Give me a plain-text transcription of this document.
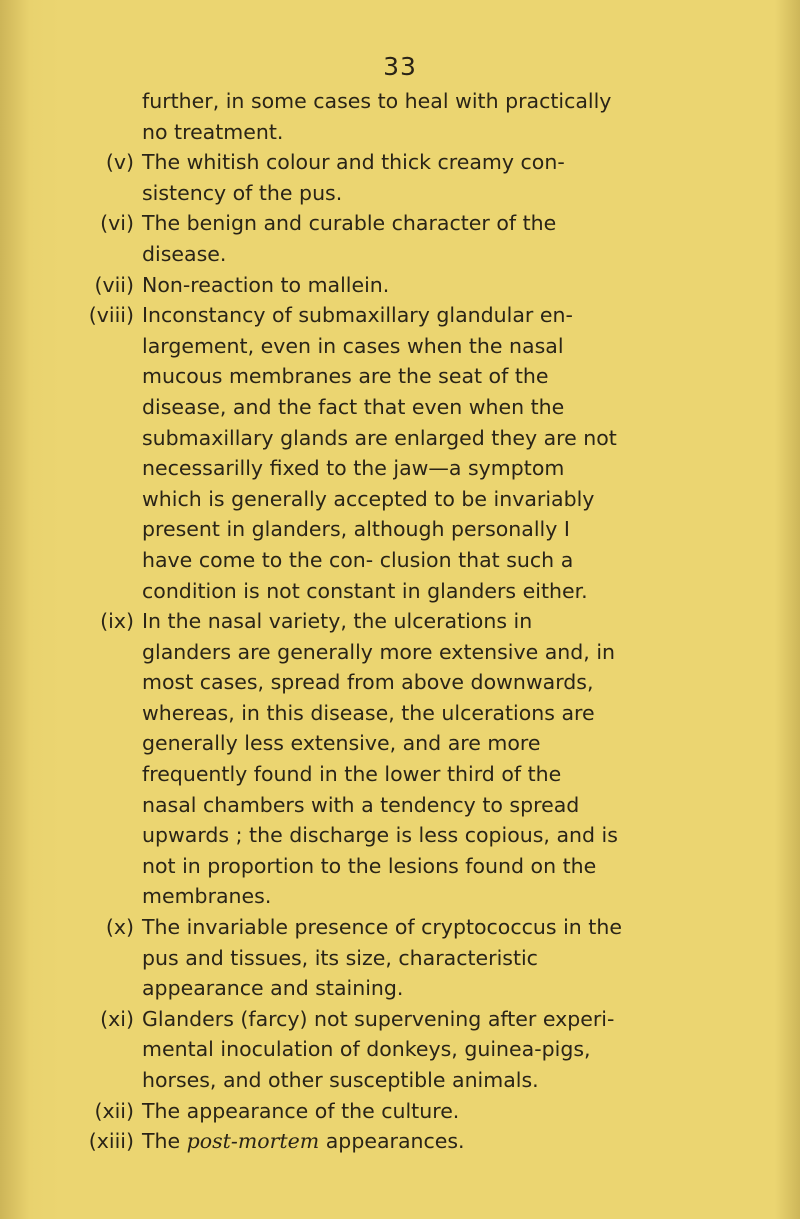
33

further, in some cases to heal with practically no treatment.

(v) The whitish colour and thick creamy con- sistency of the pus.
(vi) The benign and curable character of the disease.
(vii) Non-reaction to mallein.
(viii) Inconstancy of submaxillary glandular en- largement, even in cases when the nasal mucous membranes are the seat of the disease, and the fact that even when the submaxillary glands are enlarged they are not necessarilly fixed to the jaw—a symptom which is generally accepted to be invariably present in glanders, although personally I have come to the con- clusion that such a condition is not constant in glanders either.
(ix) In the nasal variety, the ulcerations in glanders are generally more extensive and, in most cases, spread from above downwards, whereas, in this disease, the ulcerations are generally less extensive, and are more frequently found in the lower third of the nasal chambers with a tendency to spread upwards ; the discharge is less copious, and is not in proportion to the lesions found on the membranes.
(x) The invariable presence of cryptococcus in the pus and tissues, its size, characteristic appearance and staining.
(xi) Glanders (farcy) not supervening after experi- mental inoculation of donkeys, guinea-pigs, horses, and other susceptible animals.
(xii) The appearance of the culture.
(xiii) The post-mortem appearances.
